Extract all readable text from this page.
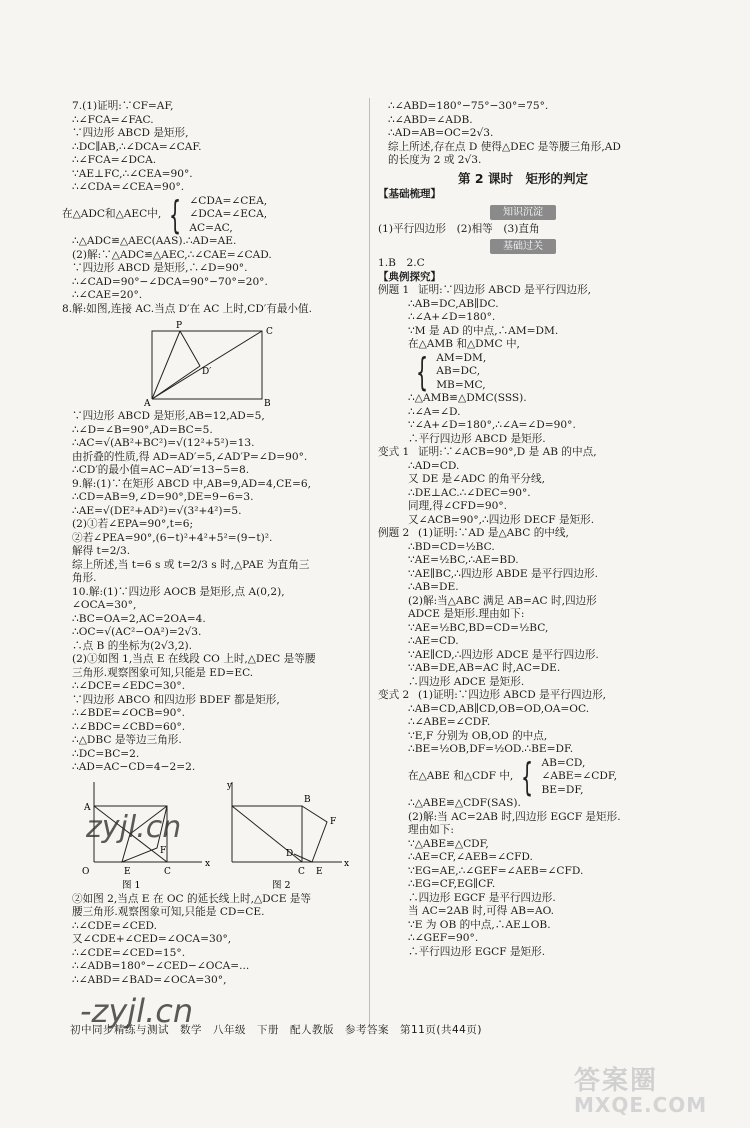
7.(1)证明:∵CF=AF,
∴∠FCA=∠FAC.
∵四边形 ABCD 是矩形,
∴DC∥AB,∴∠DCA=∠CAF.
∴∠FCA=∠DCA.
∵AE⊥FC,∴∠CEA=90°.
∴∠CDA=∠CEA=90°.
在△ADC和△AEC中, { ∠CDA=∠CEA,
∠DCA=∠ECA,
AC=AC,
∴△ADC≌△AEC(AAS).∴AD=AE.
(2)解:∵△ADC≌△AEC,∴∠CAE=∠CAD.
∵四边形 ABCD 是矩形,∴∠D=90°.
∴∠CAD=90°−∠DCA=90°−70°=20°.
∴∠CAE=20°.
8.解:如图,连接 AC.当点 D′在 AC 上时,CD′有最小值.
P
C
D′
A	B
∵四边形 ABCD 是矩形,AB=12,AD=5,
∴∠D=∠B=90°,AD=BC=5.
∴AC=√(AB²+BC²)=√(12²+5²)=13.
由折叠的性质,得 AD=AD′=5,∠AD′P=∠D=90°.
∴CD′的最小值=AC−AD′=13−5=8.
9.解:(1)∵在矩形 ABCD 中,AB=9,AD=4,CE=6,
∴CD=AB=9,∠D=90°,DE=9−6=3.
∴AE=√(DE²+AD²)=√(3²+4²)=5.
(2)①若∠EPA=90°,t=6;
②若∠PEA=90°,(6−t)²+4²+5²=(9−t)².
解得 t=2/3.
综上所述,当 t=6 s 或 t=2/3 s 时,△PAE 为直角三
角形.
10.解:(1)∵四边形 AOCB 是矩形,点 A(0,2),
∠OCA=30°,
∴BC=OA=2,AC=2OA=4.
∴OC=√(AC²−OA²)=2√3.
∴点 B 的坐标为(2√3,2).
(2)①如图 1,当点 E 在线段 CO 上时,△DEC 是等腰
三角形.观察图象可知,只能是 ED=EC.
∴∠DCE=∠EDC=30°.
∵四边形 ABCO 和四边形 BDEF 都是矩形,
∴∠BDE=∠OCB=90°.
∴∠BDC=∠CBD=60°.
∴△DBC 是等边三角形.
∴DC=BC=2.
∴AD=AC−CD=4−2=2.
O	E	C
x
A
F
图 1
y
B
F
D
C E
x
图 2
②如图 2,当点 E 在 OC 的延长线上时,△DCE 是等
腰三角形.观察图象可知,只能是 CD=CE.
∴∠CDE=∠CED.
又∠CDE+∠CED=∠OCA=30°,
∴∠CDE=∠CED=15°.
∴∠ADB=180°−∠CED−∠OCA=...
∴∠ABD=∠BAD=∠OCA=30°,
∴∠ABD=180°−75°−30°=75°.
∴∠ABD=∠ADB.
∴AD=AB=OC=2√3.
综上所述,存在点 D 使得△DEC 是等腰三角形,AD
的长度为 2 或 2√3.
第 2 课时　矩形的判定
【基础梳理】
知识沉淀
(1)平行四边形　(2)相等　(3)直角
基础过关
1.B　2.C
【典例探究】
例题 1 证明:∵四边形 ABCD 是平行四边形,
∴AB=DC,AB∥DC.
∴∠A+∠D=180°.
∵M 是 AD 的中点,∴AM=DM.
在△AMB 和△DMC 中,
{ AM=DM,
AB=DC,
MB=MC,
∴△AMB≌△DMC(SSS).
∴∠A=∠D.
∵∠A+∠D=180°,∴∠A=∠D=90°.
∴平行四边形 ABCD 是矩形.
变式 1 证明:∵∠ACB=90°,D 是 AB 的中点,
∴AD=CD.
又 DE 是∠ADC 的角平分线,
∴DE⊥AC.∴∠DEC=90°.
同理,得∠CFD=90°.
又∠ACB=90°,∴四边形 DECF 是矩形.
例题 2 (1)证明:∵AD 是△ABC 的中线,
∴BD=CD=½BC.
∵AE=½BC,∴AE=BD.
∵AE∥BC,∴四边形 ABDE 是平行四边形.
∴AB=DE.
(2)解:当△ABC 满足 AB=AC 时,四边形
ADCE 是矩形.理由如下:
∵AE=½BC,BD=CD=½BC,
∴AE=CD.
∵AE∥CD,∴四边形 ADCE 是平行四边形.
∵AB=DE,AB=AC 时,AC=DE.
∴四边形 ADCE 是矩形.
变式 2 (1)证明:∵四边形 ABCD 是平行四边形,
∴AB=CD,AB∥CD,OB=OD,OA=OC.
∴∠ABE=∠CDF.
∵E,F 分别为 OB,OD 的中点,
∴BE=½OB,DF=½OD.∴BE=DF.
在△ABE 和△CDF 中, { AB=CD,
∠ABE=∠CDF,
BE=DF,
∴△ABE≌△CDF(SAS).
(2)解:当 AC=2AB 时,四边形 EGCF 是矩形.
理由如下:
∵△ABE≌△CDF,
∴AE=CF,∠AEB=∠CFD.
∵EG=AE,∴∠GEF=∠AEB=∠CFD.
∴EG=CF,EG∥CF.
∴四边形 EGCF 是平行四边形.
当 AC=2AB 时,可得 AB=AO.
∵E 为 OB 的中点,∴AE⊥OB.
∴∠GEF=90°.
∴平行四边形 EGCF 是矩形.
初中同步精练与测试　数学　八年级　下册　配人教版　参考答案　第11页(共44页)
zyjl.cn
-zyjl.cn
答案圈
MXQE.COM
